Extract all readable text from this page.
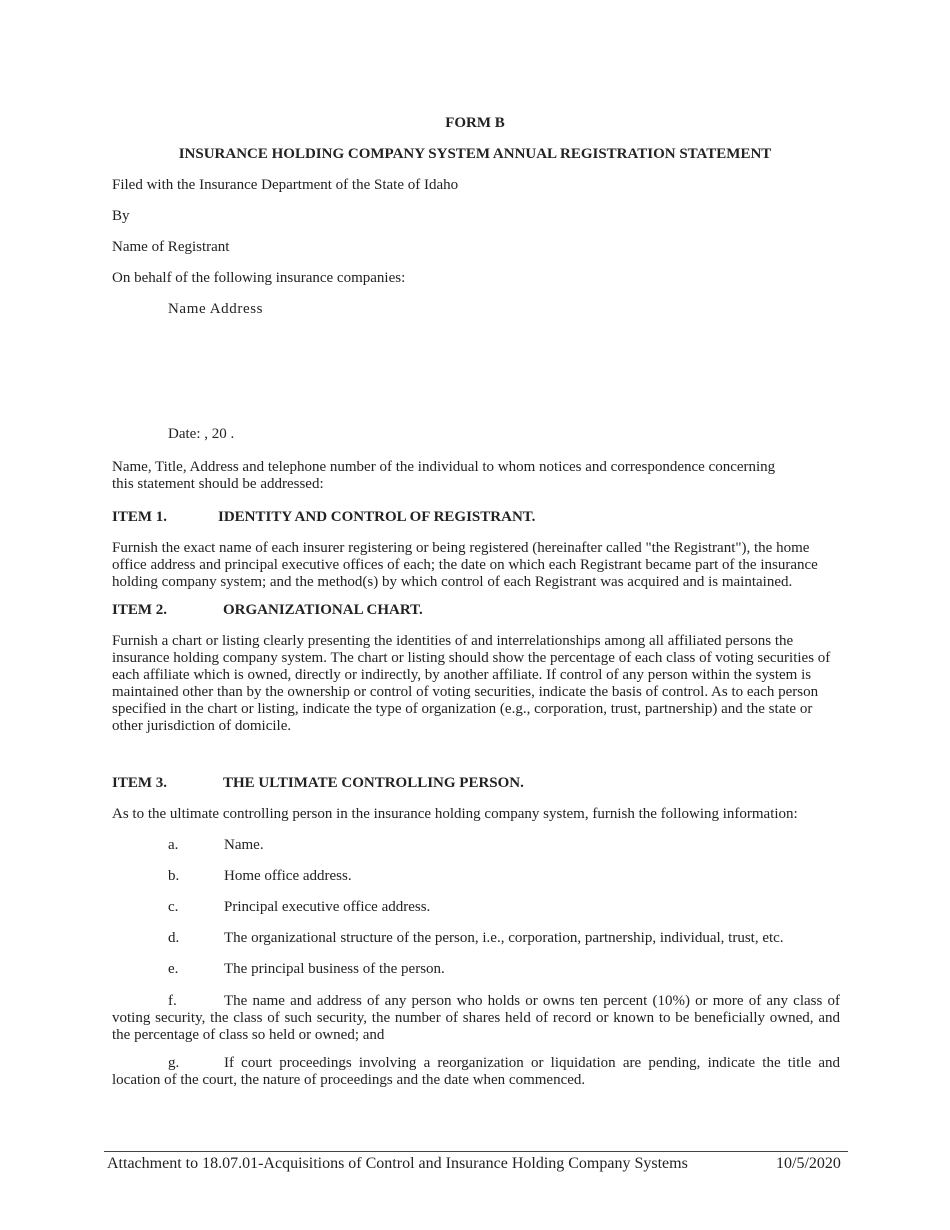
FORM B
INSURANCE HOLDING COMPANY SYSTEM ANNUAL REGISTRATION STATEMENT
Filed with the Insurance Department of the State of Idaho
By
Name of Registrant
On behalf of the following insurance companies:
Name Address
Date: , 20 .
Name, Title, Address and telephone number of the individual to whom notices and correspondence concerning
this statement should be addressed:
ITEM 1.	IDENTITY AND CONTROL OF REGISTRANT.
Furnish the exact name of each insurer registering or being registered (hereinafter called "the Registrant"), the home office address and principal executive offices of each; the date on which each Registrant became part of the insurance holding company system; and the method(s) by which control of each Registrant was acquired and is maintained.
ITEM 2.	ORGANIZATIONAL CHART.
Furnish a chart or listing clearly presenting the identities of and interrelationships among all affiliated persons the insurance holding company system. The chart or listing should show the percentage of each class of voting securities of each affiliate which is owned, directly or indirectly, by another affiliate. If control of any person within the system is maintained other than by the ownership or control of voting securities, indicate the basis of control. As to each person specified in the chart or listing, indicate the type of organization (e.g., corporation, trust, partnership) and the state or other jurisdiction of domicile.
ITEM 3.	THE ULTIMATE CONTROLLING PERSON.
As to the ultimate controlling person in the insurance holding company system, furnish the following information:
a.	Name.
b.	Home office address.
c.	Principal executive office address.
d.	The organizational structure of the person, i.e., corporation, partnership, individual, trust, etc.
e.	The principal business of the person.
f.	The name and address of any person who holds or owns ten percent (10%) or more of any class of voting security, the class of such security, the number of shares held of record or known to be beneficially owned, and the percentage of class so held or owned; and
g.	If court proceedings involving a reorganization or liquidation are pending, indicate the title and location of the court, the nature of proceedings and the date when commenced.
Attachment to 18.07.01-Acquisitions of Control and Insurance Holding Company Systems	10/5/2020
